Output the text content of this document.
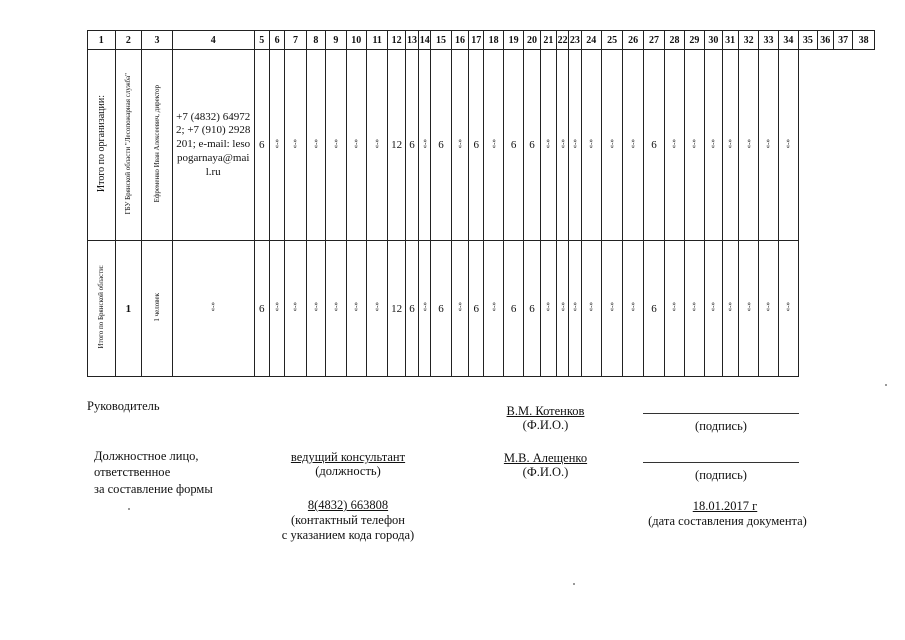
1	2	3	4	5	6	7	8	9	10	11	12	13	14	15	16	17	18	19	20	21	22	23	24	25	26	27	28	29	30	31	32	33	34	35	36	37	38
Итого по организации:	ГБУ Брянской области "Лесопожарная служба"	Ефременко Иван Алексеевич, директор	+7 (4832) 649722; +7 (910) 2928201; e-mail: lesopogarnaya@mail.ru	6	«-»	«-»	«-»	«-»	«-»	«-»	12	6	«-»	6	«-»	6	«-»	6	6	«-»	«-»	«-»	«-»	«-»	«-»	6	«-»	«-»	«-»	«-»	«-»	«-»	«-»				
Итого по Брянской области:	1	1 человек	«-»	6	«-»	«-»	«-»	«-»	«-»	«-»	12	6	«-»	6	«-»	6	«-»	6	6	«-»	«-»	«-»	«-»	«-»	«-»	6	«-»	«-»	«-»	«-»	«-»	«-»	«-»				
Руководитель	В.М. Котенков
(Ф.И.О.)	(подпись)
Должностное лицо,
ответственное
за составление формы
ведущий консультант
(должность)
М.В. Алещенко
(Ф.И.О.)	(подпись)
8(4832) 663808
(контактный телефон
с указанием кода города)
18.01.2017 г
(дата составления документа)
